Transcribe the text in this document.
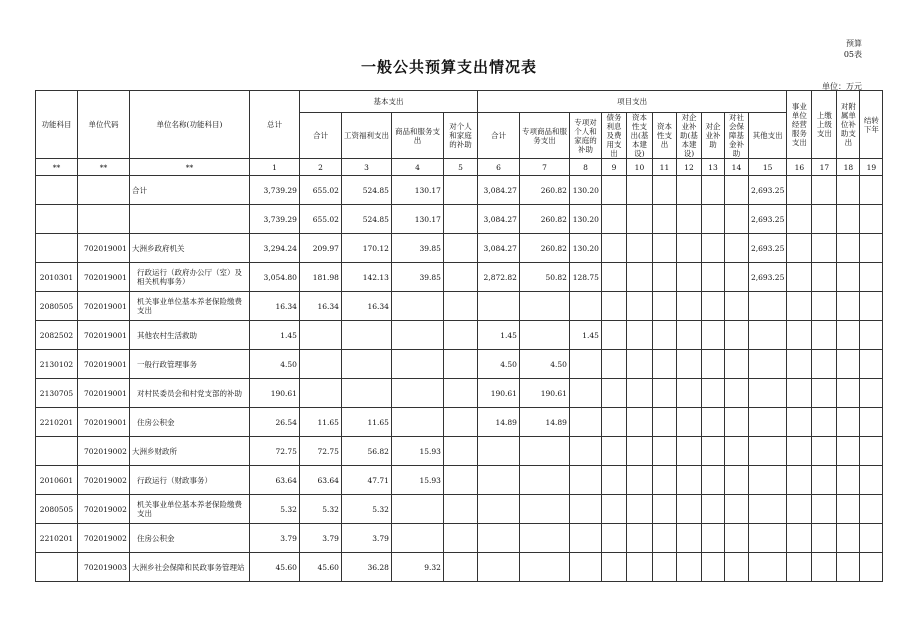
预算
05表
一般公共预算支出情况表
单位：万元
功能科目	单位代码	单位名称(功能科目)	总计	基本支出				项目支出										事业单位经营服务支出	上缴上级支出	对附属单位补助支出	结转下年
				合计	工资福利支出	商品和服务支出	对个人和家庭的补助	合计	专项商品和服务支出	专项对个人和家庭的补助	债务利息及费用支出	资本性支出(基本建设)	资本性支出	对企业补助(基本建设)	对企业补助	对社会保障基金补助	其他支出				
**	**	**	1	2	3	4	5	6	7	8	9	10	11	12	13	14	15	16	17	18	19
		合计	3,739.29	655.02	524.85	130.17		3,084.27	260.82	130.20							2,693.25				
			3,739.29	655.02	524.85	130.17		3,084.27	260.82	130.20							2,693.25				
	702019001	大洲乡政府机关	3,294.24	209.97	170.12	39.85		3,084.27	260.82	130.20							2,693.25				
2010301	702019001	行政运行（政府办公厅（室）及相关机构事务）	3,054.80	181.98	142.13	39.85		2,872.82	50.82	128.75							2,693.25				
2080505	702019001	机关事业单位基本养老保险缴费支出	16.34	16.34	16.34																
2082502	702019001	其他农村生活救助	1.45					1.45		1.45											
2130102	702019001	一般行政管理事务	4.50					4.50	4.50												
2130705	702019001	对村民委员会和村党支部的补助	190.61					190.61	190.61												
2210201	702019001	住房公积金	26.54	11.65	11.65			14.89	14.89												
	702019002	大洲乡财政所	72.75	72.75	56.82	15.93															
2010601	702019002	行政运行（财政事务）	63.64	63.64	47.71	15.93															
2080505	702019002	机关事业单位基本养老保险缴费支出	5.32	5.32	5.32																
2210201	702019002	住房公积金	3.79	3.79	3.79																
	702019003	大洲乡社会保障和民政事务管理站	45.60	45.60	36.28	9.32															
